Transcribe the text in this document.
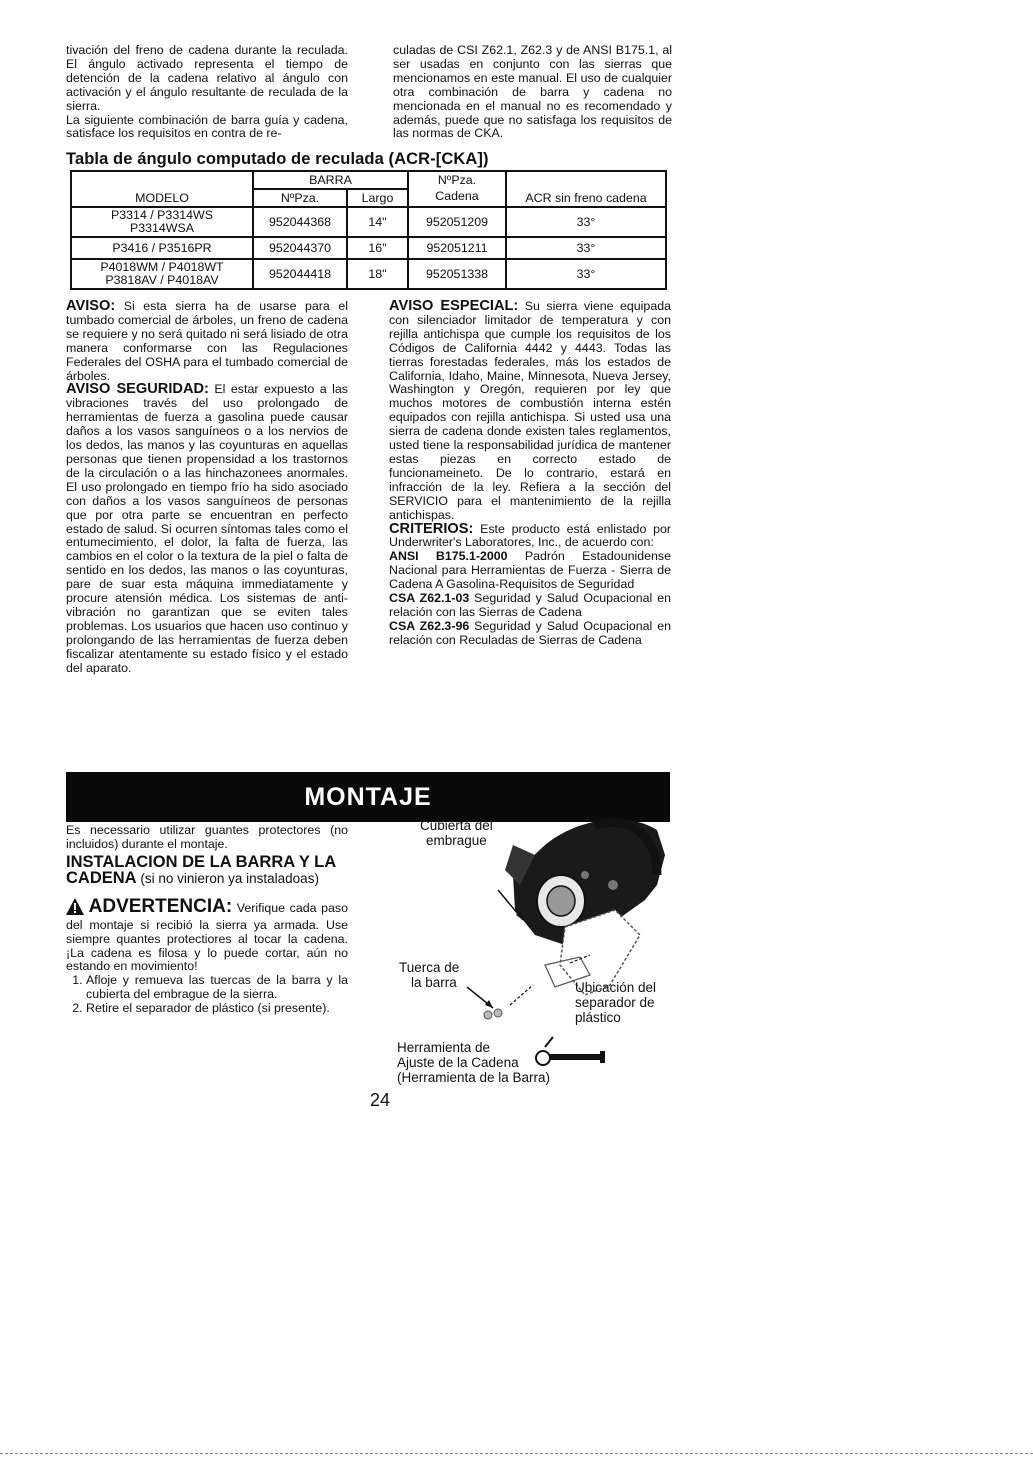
tivación del freno de cadena durante la reculada. El ángulo activado representa el tiempo de detención de la cadena relativo al ángulo con activación y el ángulo resultante de reculada de la sierra.

La siguiente combinación de barra guía y cadena, satisface los requisitos en contra de re-

culadas de CSI Z62.1, Z62.3 y de ANSI B175.1, al ser usadas en conjunto con las sierras que mencionamos en este manual. El uso de cualquier otra combinación de barra y cadena no mencionada en el manual no es recomendado y además, puede que no satisfaga los requisitos de las normas de CKA.

Tabla de ángulo computado de reculada (ACR-[CKA])
MODELO	BARRA		NºPza.	ACR sin freno cadena
	NºPza.	Largo	Cadena	
P3314 / P3314WS
P3314WSA	952044368	14"	952051209	33°
P3416 / P3516PR	952044370	16"	952051211	33°
P4018WM / P4018WT
P3818AV / P4018AV	952044418	18"	952051338	33°

AVISO: Si esta sierra ha de usarse para el tumbado comercial de árboles, un freno de cadena se requiere y no será quitado ni será lisiado de otra manera conformarse con las Regulaciones Federales del OSHA para el tumbado comercial de árboles.

AVISO SEGURIDAD: El estar expuesto a las vibraciones través del uso prolongado de herramientas de fuerza a gasolina puede causar daños a los vasos sanguíneos o a los nervios de los dedos, las manos y las coyunturas en aquellas personas que tienen propensidad a los trastornos de la circulación o a las hinchazonees anormales. El uso prolongado en tiempo frío ha sido asociado con daños a los vasos sanguíneos de personas que por otra parte se encuentran en perfecto estado de salud. Si ocurren síntomas tales como el entumecimiento, el dolor, la falta de fuerza, las cambios en el color o la textura de la piel o falta de sentido en los dedos, las manos o las coyunturas, pare de suar esta máquina immediatamente y procure atensión médica. Los sistemas de anti-vibración no garantizan que se eviten tales problemas. Los usuarios que hacen uso continuo y prolongando de las herramientas de fuerza deben fiscalizar atentamente su estado físico y el estado del aparato.

AVISO ESPECIAL: Su sierra viene equipada con silenciador limitador de temperatura y con rejilla antichispa que cumple los requisitos de los Códigos de California 4442 y 4443. Todas las tierras forestadas federales, más los estados de California, Idaho, Maine, Minnesota, Nueva Jersey, Washington y Oregón, requieren por ley que muchos motores de combustión interna estén equipados con rejilla antichispa. Si usted usa una sierra de cadena donde existen tales reglamentos, usted tiene la responsabilidad jurídica de mantener estas piezas en correcto estado de funcionameineto. De lo contrario, estará en infracción de la ley. Refiera a la sección del SERVICIO para el mantenimiento de la rejilla antichispas.

CRITERIOS: Este producto está enlistado por Underwriter's Laboratores, Inc., de acuerdo con:

ANSI B175.1-2000 Padrón Estadounidense Nacional para Herramientas de Fuerza - Sierra de Cadena A Gasolina-Requisitos de Seguridad

CSA Z62.1-03 Seguridad y Salud Ocupacional en relación con las Sierras de Cadena

CSA Z62.3-96 Seguridad y Salud Ocupacional en relación con Reculadas de Sierras de Cadena

MONTAJE

Es necessario utilizar guantes protectores (no incluidos) durante el montaje.

INSTALACION DE LA BARRA Y LA CADENA (si no vinieron ya instaladoas)

ADVERTENCIA: Verifique cada paso del montaje si recibió la sierra ya armada. Use siempre quantes protectiores al tocar la cadena. ¡La cadena es filosa y lo puede cortar, aún no estando en movimiento!

1. Afloje y remueva las tuercas de la barra y la cubierta del embrague de la sierra.
2. Retire el separador de plástico (si presente).
Cubierta del
embrague
Tuerca de
la barra	Ubicación del
separador de
plástico
Herramienta de
Ajuste de la Cadena
(Herramienta de la Barra)
24
